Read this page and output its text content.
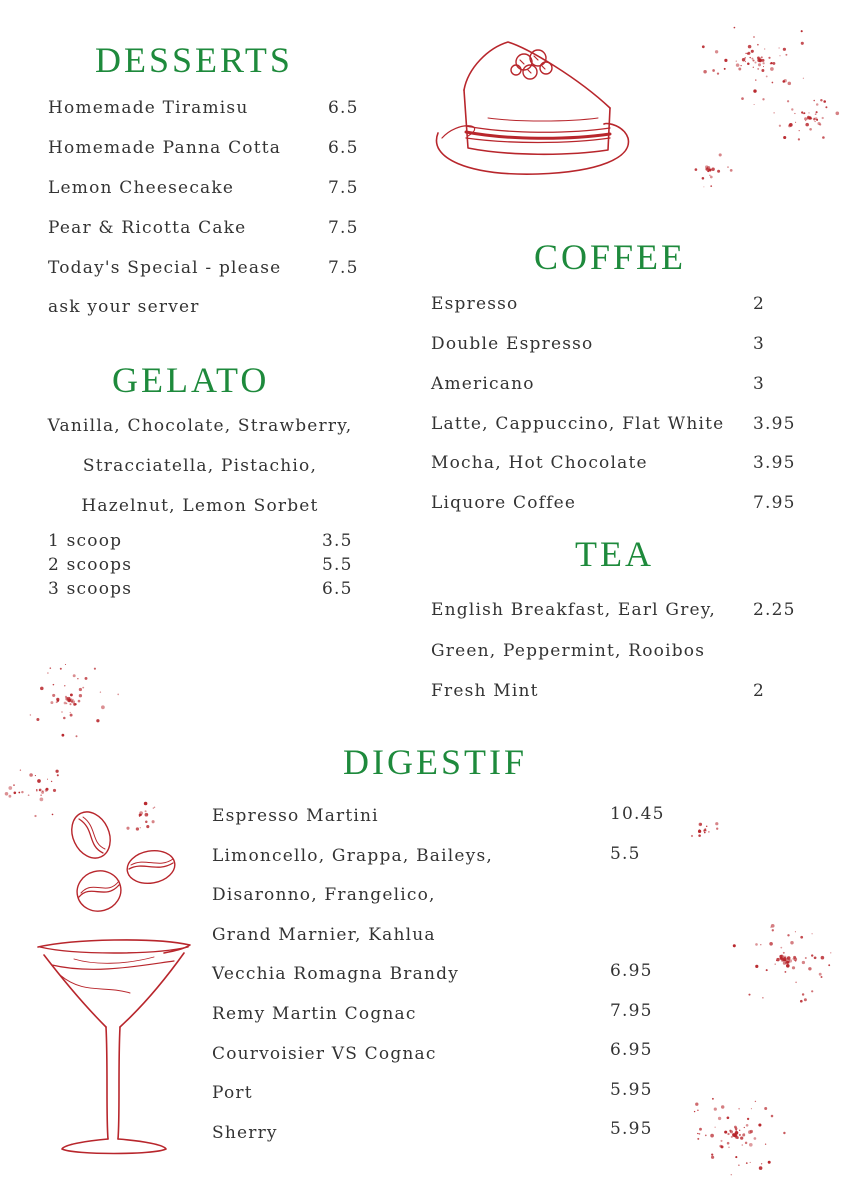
DESSERTS
Homemade Tiramisu	6.5
Homemade Panna Cotta	6.5
Lemon Cheesecake	7.5
Pear & Ricotta Cake	7.5
Today's Special - please	7.5
ask your server
GELATO
Vanilla, Chocolate, Strawberry,
Stracciatella, Pistachio,
Hazelnut, Lemon Sorbet
1 scoop	3.5
2 scoops	5.5
3 scoops	6.5
COFFEE
Espresso	2
Double Espresso	3
Americano	3
Latte, Cappuccino, Flat White 3.95
Mocha, Hot Chocolate	3.95
Liquore Coffee	7.95
TEA
English Breakfast, Earl Grey, 2.25
Green, Peppermint, Rooibos
Fresh Mint	2
DIGESTIF
Espresso Martini	10.45
Limoncello, Grappa, Baileys,	5.5
Disaronno, Frangelico,
Grand Marnier, Kahlua
Vecchia Romagna Brandy	6.95
Remy Martin Cognac	7.95
Courvoisier VS Cognac	6.95
Port	5.95
Sherry	5.95
